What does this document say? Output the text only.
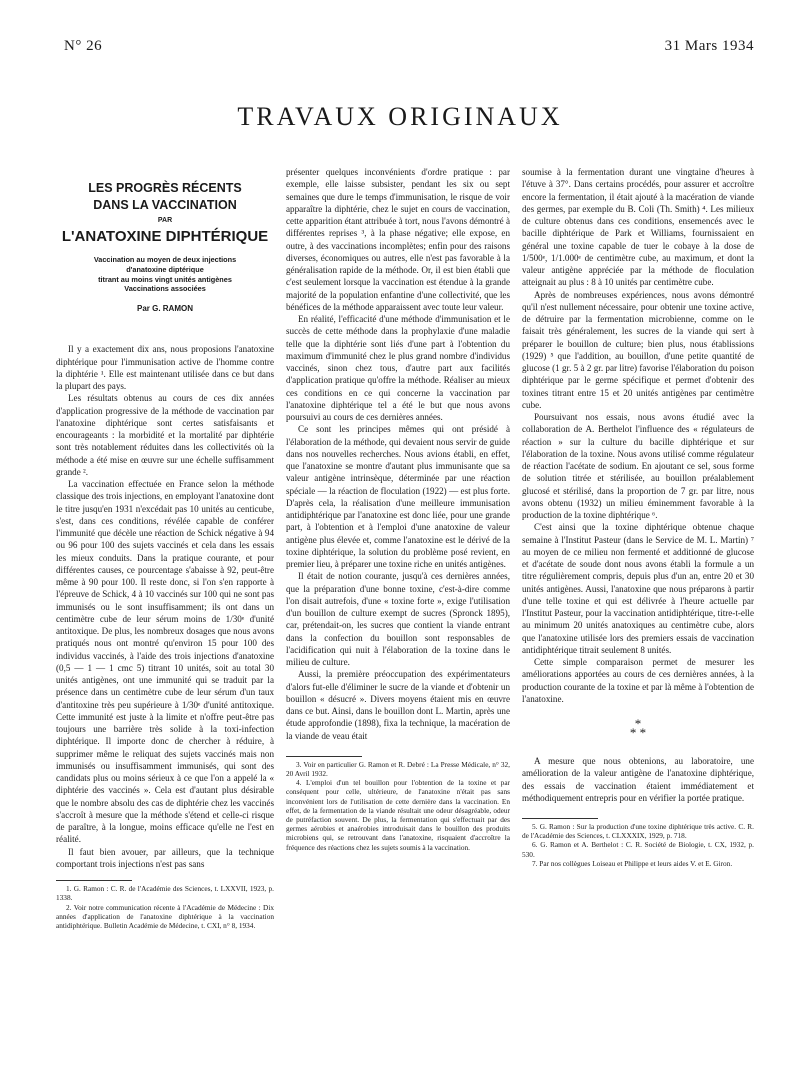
N° 26	31 Mars 1934
TRAVAUX ORIGINAUX
LES PROGRÈS RÉCENTS
DANS LA VACCINATION
PAR
L'ANATOXINE DIPHTÉRIQUE
Vaccination au moyen de deux injections
d'anatoxine diptérique
titrant au moins vingt unités antigènes
Vaccinations associées
Par G. RAMON

Il y a exactement dix ans, nous proposions l'anatoxine diphtérique pour l'immunisation active de l'homme contre la diphtérie ¹. Elle est maintenant utilisée dans ce but dans la plupart des pays.

Les résultats obtenus au cours de ces dix années d'application progressive de la méthode de vaccination par l'anatoxine diphtérique sont certes satisfaisants et encourageants : la morbidité et la mortalité par diphtérie sont très notablement réduites dans les collectivités où la méthode a été mise en œuvre sur une échelle suffisamment grande ².

La vaccination effectuée en France selon la méthode classique des trois injections, en employant l'anatoxine dont le titre jusqu'en 1931 n'excédait pas 10 unités au centicube, s'est, dans ces conditions, révélée capable de conférer l'immunité que décèle une réaction de Schick négative à 94 ou 96 pour 100 des sujets vaccinés et cela dans les essais les mieux conduits. Dans la pratique courante, et pour différentes causes, ce pourcentage s'abaisse à 92, peut-être même à 90 pour 100. Il reste donc, si l'on s'en rapporte à l'épreuve de Schick, 4 à 10 vaccinés sur 100 qui ne sont pas immunisés ou le sont insuffisamment; ils ont dans un centimètre cube de leur sérum moins de 1/30ᵉ d'unité antitoxique. De plus, les nombreux dosages que nous avons pratiqués nous ont montré qu'environ 15 pour 100 des individus vaccinés, à l'aide des trois injections d'anatoxine (0,5 — 1 — 1 cmc 5) titrant 10 unités, soit au total 30 unités antigènes, ont une immunité qui se traduit par la présence dans un centimètre cube de leur sérum d'un taux d'antitoxine très peu supérieure à 1/30ᵉ d'unité antitoxique. Cette immunité est juste à la limite et n'offre peut-être pas toujours une barrière très solide à la toxi-infection diphtérique. Il importe donc de chercher à réduire, à supprimer même le reliquat des sujets vaccinés mais non immunisés ou insuffisamment immunisés, qui sont des candidats plus ou moins sérieux à ce que l'on a appelé la « diphtérie des vaccinés ». Cela est d'autant plus désirable que le nombre absolu des cas de diphtérie chez les vaccinés s'accroît à mesure que la méthode s'étend et celle-ci risque de paraître, à la longue, moins efficace qu'elle ne l'est en réalité.

Il faut bien avouer, par ailleurs, que la technique comportant trois injections n'est pas sans

1. G. Ramon : C. R. de l'Académie des Sciences, t. LXXVII, 1923, p. 1338.

2. Voir notre communication récente à l'Académie de Médecine : Dix années d'application de l'anatoxine diphtérique à la vaccination antidiphtérique. Bulletin Académie de Médecine, t. CXI, n° 8, 1934.

présenter quelques inconvénients d'ordre pratique : par exemple, elle laisse subsister, pendant les six ou sept semaines que dure le temps d'immunisation, le risque de voir apparaître la diphtérie, chez le sujet en cours de vaccination, cette apparition étant attribuée à tort, nous l'avons démontré à différentes reprises ³, à la phase négative; elle expose, en outre, à des vaccinations incomplètes; enfin pour des raisons diverses, économiques ou autres, elle n'est pas favorable à la généralisation rapide de la méthode. Or, il est bien établi que c'est seulement lorsque la vaccination est étendue à la grande majorité de la population enfantine d'une collectivité, que les bénéfices de la méthode apparaissent avec toute leur valeur.

En réalité, l'efficacité d'une méthode d'immunisation et le succès de cette méthode dans la prophylaxie d'une maladie telle que la diphtérie sont liés d'une part à l'obtention du maximum d'immunité chez le plus grand nombre d'individus vaccinés, sinon chez tous, d'autre part aux facilités d'application pratique qu'offre la méthode. Réaliser au mieux ces conditions en ce qui concerne la vaccination par l'anatoxine diphtérique tel a été le but que nous avons poursuivi au cours de ces dernières années.

Ce sont les principes mêmes qui ont présidé à l'élaboration de la méthode, qui devaient nous servir de guide dans nos nouvelles recherches. Nous avions établi, en effet, que l'anatoxine se montre d'autant plus immunisante que sa valeur antigène intrinsèque, déterminée par une réaction spéciale — la réaction de floculation (1922) — est plus forte. D'après cela, la réalisation d'une meilleure immunisation antidiphtérique par l'anatoxine est donc liée, pour une grande part, à l'obtention et à l'emploi d'une anatoxine de valeur antigène plus élevée et, comme l'anatoxine est le dérivé de la toxine diphtérique, la solution du problème posé revient, en premier lieu, à préparer une toxine riche en unités antigènes.

Il était de notion courante, jusqu'à ces dernières années, que la préparation d'une bonne toxine, c'est-à-dire comme l'on disait autrefois, d'une « toxine forte », exige l'utilisation d'un bouillon de culture exempt de sucres (Spronck 1895), car, prétendait-on, les sucres que contient la viande entrant dans la confection du bouillon sont responsables de l'acidification qui nuit à l'élaboration de la toxine dans le milieu de culture.

Aussi, la première préoccupation des expérimentateurs d'alors fut-elle d'éliminer le sucre de la viande et d'obtenir un bouillon « désucré ». Divers moyens étaient mis en œuvre dans ce but. Ainsi, dans le bouillon dont L. Martin, après une étude approfondie (1898), fixa la technique, la macération de la viande de veau était

3. Voir en particulier G. Ramon et R. Debré : La Presse Médicale, n° 32, 20 Avril 1932.

4. L'emploi d'un tel bouillon pour l'obtention de la toxine et par conséquent pour celle, ultérieure, de l'anatoxine n'était pas sans inconvénient lors de l'utilisation de cette dernière dans la vaccination. En effet, de la fermentation de la viande résultait une odeur désagréable, odeur de putréfaction souvent. De plus, la fermentation qui s'effectuait par des germes aérobies et anaérobies introduisait dans le bouillon des produits microbiens qui, se retrouvant dans l'anatoxine, risquaient d'accroître la fréquence des réactions chez les sujets soumis à la vaccination.

soumise à la fermentation durant une vingtaine d'heures à l'étuve à 37°. Dans certains procédés, pour assurer et accroître encore la fermentation, il était ajouté à la macération de viande des germes, par exemple du B. Coli (Th. Smith) ⁴. Les milieux de culture obtenus dans ces conditions, ensemencés avec le bacille diphtérique de Park et Williams, fournissaient en général une toxine capable de tuer le cobaye à la dose de 1/500ᵉ, 1/1.000ᵉ de centimètre cube, au maximum, et dont la valeur antigène appréciée par la méthode de floculation atteignait au plus : 8 à 10 unités par centimètre cube.

Après de nombreuses expériences, nous avons démontré qu'il n'est nullement nécessaire, pour obtenir une toxine active, de détruire par la fermentation microbienne, comme on le faisait très généralement, les sucres de la viande qui sert à préparer le bouillon de culture; bien plus, nous établissions (1929) ⁵ que l'addition, au bouillon, d'une petite quantité de glucose (1 gr. 5 à 2 gr. par litre) favorise l'élaboration du poison diphtérique par le germe spécifique et permet d'obtenir des toxines titrant entre 15 et 20 unités antigènes par centimètre cube.

Poursuivant nos essais, nous avons étudié avec la collaboration de A. Berthelot l'influence des « régulateurs de réaction » sur la culture du bacille diphtérique et sur l'élaboration de la toxine. Nous avons utilisé comme régulateur de réaction l'acétate de sodium. En ajoutant ce sel, sous forme de solution titrée et stérilisée, au bouillon préalablement glucosé et stérilisé, dans la proportion de 7 gr. par litre, nous avons obtenu (1932) un milieu éminemment favorable à la production de la toxine diphtérique ⁶.

C'est ainsi que la toxine diphtérique obtenue chaque semaine à l'Institut Pasteur (dans le Service de M. L. Martin) ⁷ au moyen de ce milieu non fermenté et additionné de glucose et d'acétate de soude dont nous avons établi la formule a un titre régulièrement compris, depuis plus d'un an, entre 20 et 30 unités antigènes. Aussi, l'anatoxine que nous préparons à partir d'une telle toxine et qui est délivrée à l'heure actuelle par l'Institut Pasteur, pour la vaccination antidiphtérique, titre-t-elle au minimum 20 unités anatoxiques au centimètre cube, alors que l'anatoxine utilisée lors des premiers essais de vaccination antidiphtérique titrait seulement 8 unités.

Cette simple comparaison permet de mesurer les améliorations apportées au cours de ces dernières années, à la production courante de la toxine et par là même à l'obtention de l'anatoxine.

*
* *

A mesure que nous obtenions, au laboratoire, une amélioration de la valeur antigène de l'anatoxine diphtérique, des essais de vaccination étaient immédiatement et méthodiquement entrepris pour en vérifier la portée pratique.

5. G. Ramon : Sur la production d'une toxine diphtérique très active. C. R. de l'Académie des Sciences, t. CLXXXIX, 1929, p. 718.

6. G. Ramon et A. Berthelot : C. R. Société de Biologie, t. CX, 1932, p. 530.

7. Par nos collègues Loiseau et Philippe et leurs aides V. et E. Giron.
